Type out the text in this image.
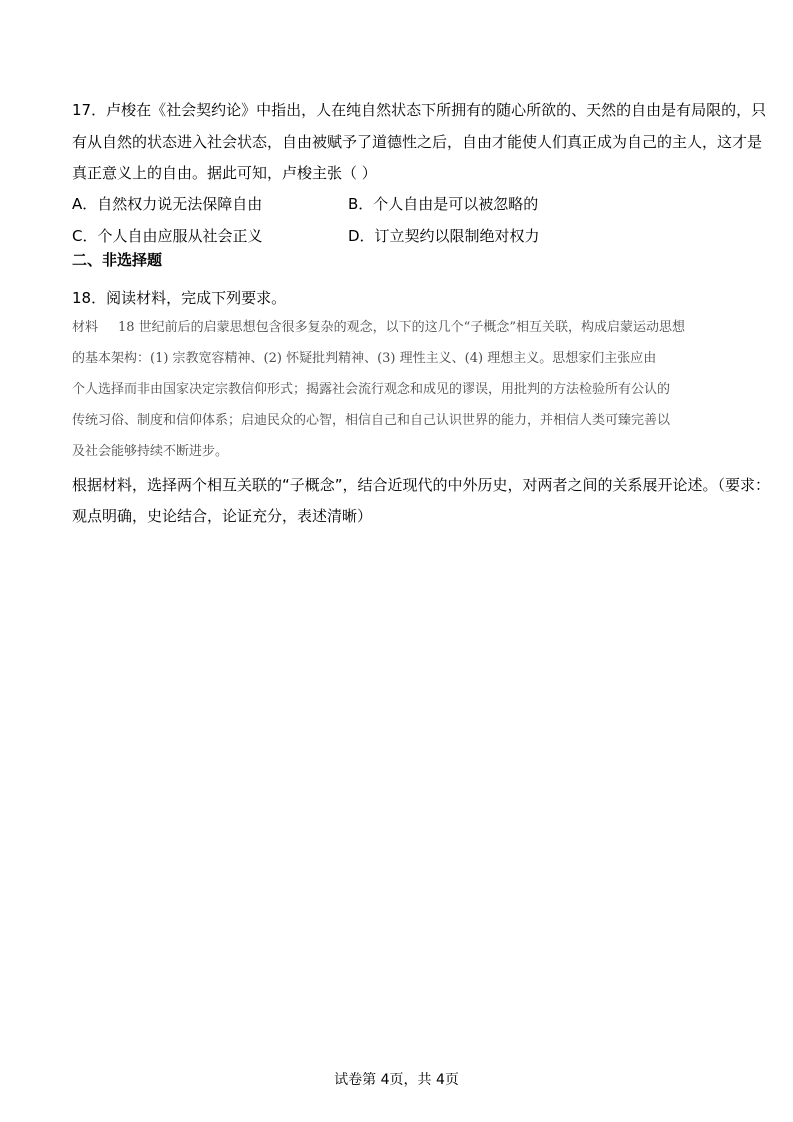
17．卢梭在《社会契约论》中指出，人在纯自然状态下所拥有的随心所欲的、天然的自由是有局限的，只
有从自然的状态进入社会状态，自由被赋予了道德性之后，自由才能使人们真正成为自己的主人，这才是
真正意义上的自由。据此可知，卢梭主张（ ）
A．自然权力说无法保障自由	B．个人自由是可以被忽略的
C．个人自由应服从社会正义	D．订立契约以限制绝对权力
二、非选择题
18．阅读材料，完成下列要求。
材料 18 世纪前后的启蒙思想包含很多复杂的观念，以下的这几个“子概念”相互关联，构成启蒙运动思想
的基本架构：(1) 宗教宽容精神、(2) 怀疑批判精神、(3) 理性主义、(4) 理想主义。思想家们主张应由
个人选择而非由国家决定宗教信仰形式；揭露社会流行观念和成见的谬误，用批判的方法检验所有公认的
传统习俗、制度和信仰体系；启迪民众的心智，相信自己和自己认识世界的能力，并相信人类可臻完善以
及社会能够持续不断进步。
根据材料，选择两个相互关联的“子概念”，结合近现代的中外历史，对两者之间的关系展开论述。（要求：
观点明确，史论结合，论证充分，表述清晰）
试卷第 4页，共 4页
